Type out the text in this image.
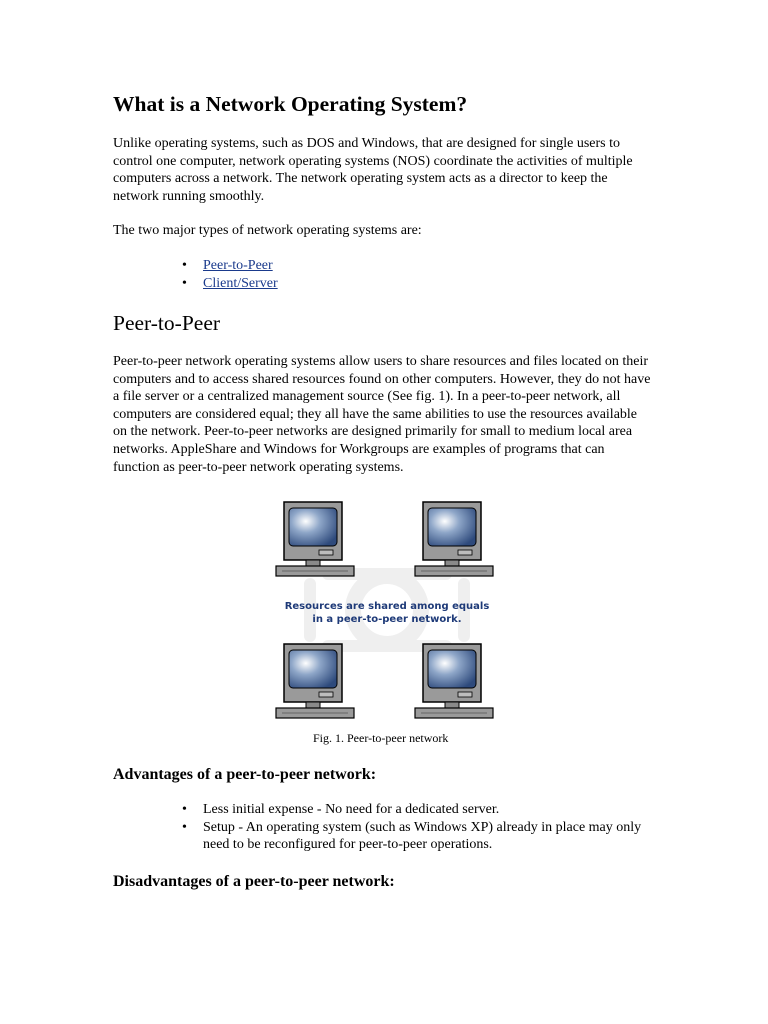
What is a Network Operating System?

Unlike operating systems, such as DOS and Windows, that are designed for single users to control one computer, network operating systems (NOS) coordinate the activities of multiple computers across a network. The network operating system acts as a director to keep the network running smoothly.

The two major types of network operating systems are:

• Peer-to-Peer
• Client/Server
Peer-to-Peer

Peer-to-peer network operating systems allow users to share resources and files located on their computers and to access shared resources found on other computers. However, they do not have a file server or a centralized management source (See fig. 1). In a peer-to-peer network, all computers are considered equal; they all have the same abilities to use the resources available on the network. Peer-to-peer networks are designed primarily for small to medium local area networks. AppleShare and Windows for Workgroups are examples of programs that can function as peer-to-peer network operating systems.

Resources are shared among equals
in a peer-to-peer network.
Fig. 1. Peer-to-peer network
Advantages of a peer-to-peer network:
• Less initial expense - No need for a dedicated server.
• Setup - An operating system (such as Windows XP) already in place may only need to be reconfigured for peer-to-peer operations.
Disadvantages of a peer-to-peer network:
